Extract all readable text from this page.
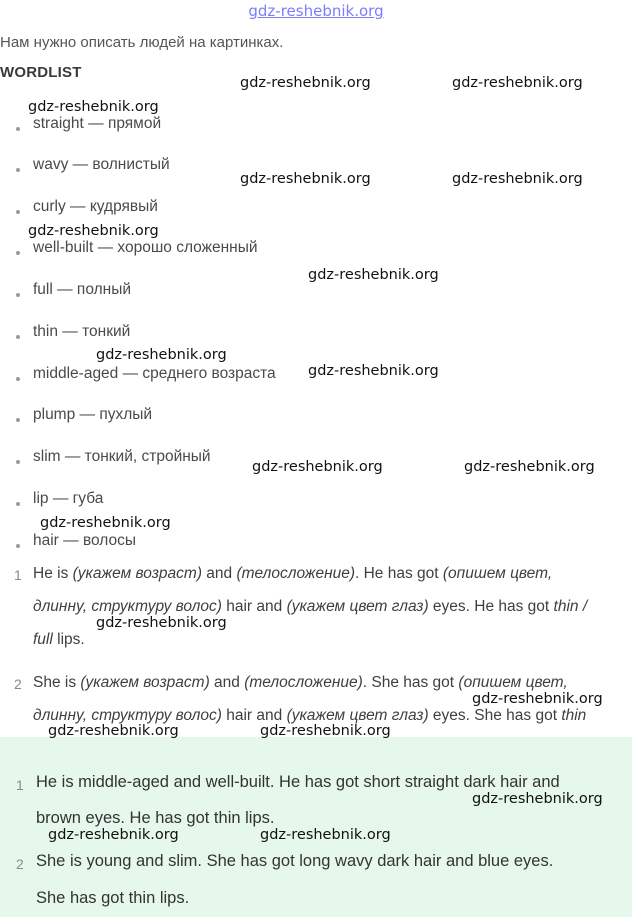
gdz-reshebnik.org
Нам нужно описать людей на картинках.
WORDLIST
straight — прямой
wavy — волнистый
curly — кудрявый
well-built — хорошо сложенный
full — полный
thin — тонкий
middle-aged — среднего возраста
plump — пухлый
slim — тонкий, стройный
lip — губа
hair — волосы
1 He is (укажем возраст) and (телосложение). He has got (опишем цвет,
длинну, структуру волос) hair and (укажем цвет глаз) eyes. He has got thin /
full lips.
2 She is (укажем возраст) and (телосложение). She has got (опишем цвет,
длинну, структуру волос) hair and (укажем цвет глаз) eyes. She has got thin
1 He is middle-aged and well-built. He has got short straight dark hair and
brown eyes. He has got thin lips.
2 She is young and slim. She has got long wavy dark hair and blue eyes.
She has got thin lips.
gdz-reshebnik.org	gdz-reshebnik.org
gdz-reshebnik.org
gdz-reshebnik.org	gdz-reshebnik.org
gdz-reshebnik.org
gdz-reshebnik.org
gdz-reshebnik.org
gdz-reshebnik.org
gdz-reshebnik.org	gdz-reshebnik.org
gdz-reshebnik.org
gdz-reshebnik.org
gdz-reshebnik.org
gdz-reshebnik.org	gdz-reshebnik.org
gdz-reshebnik.org
gdz-reshebnik.org	gdz-reshebnik.org
